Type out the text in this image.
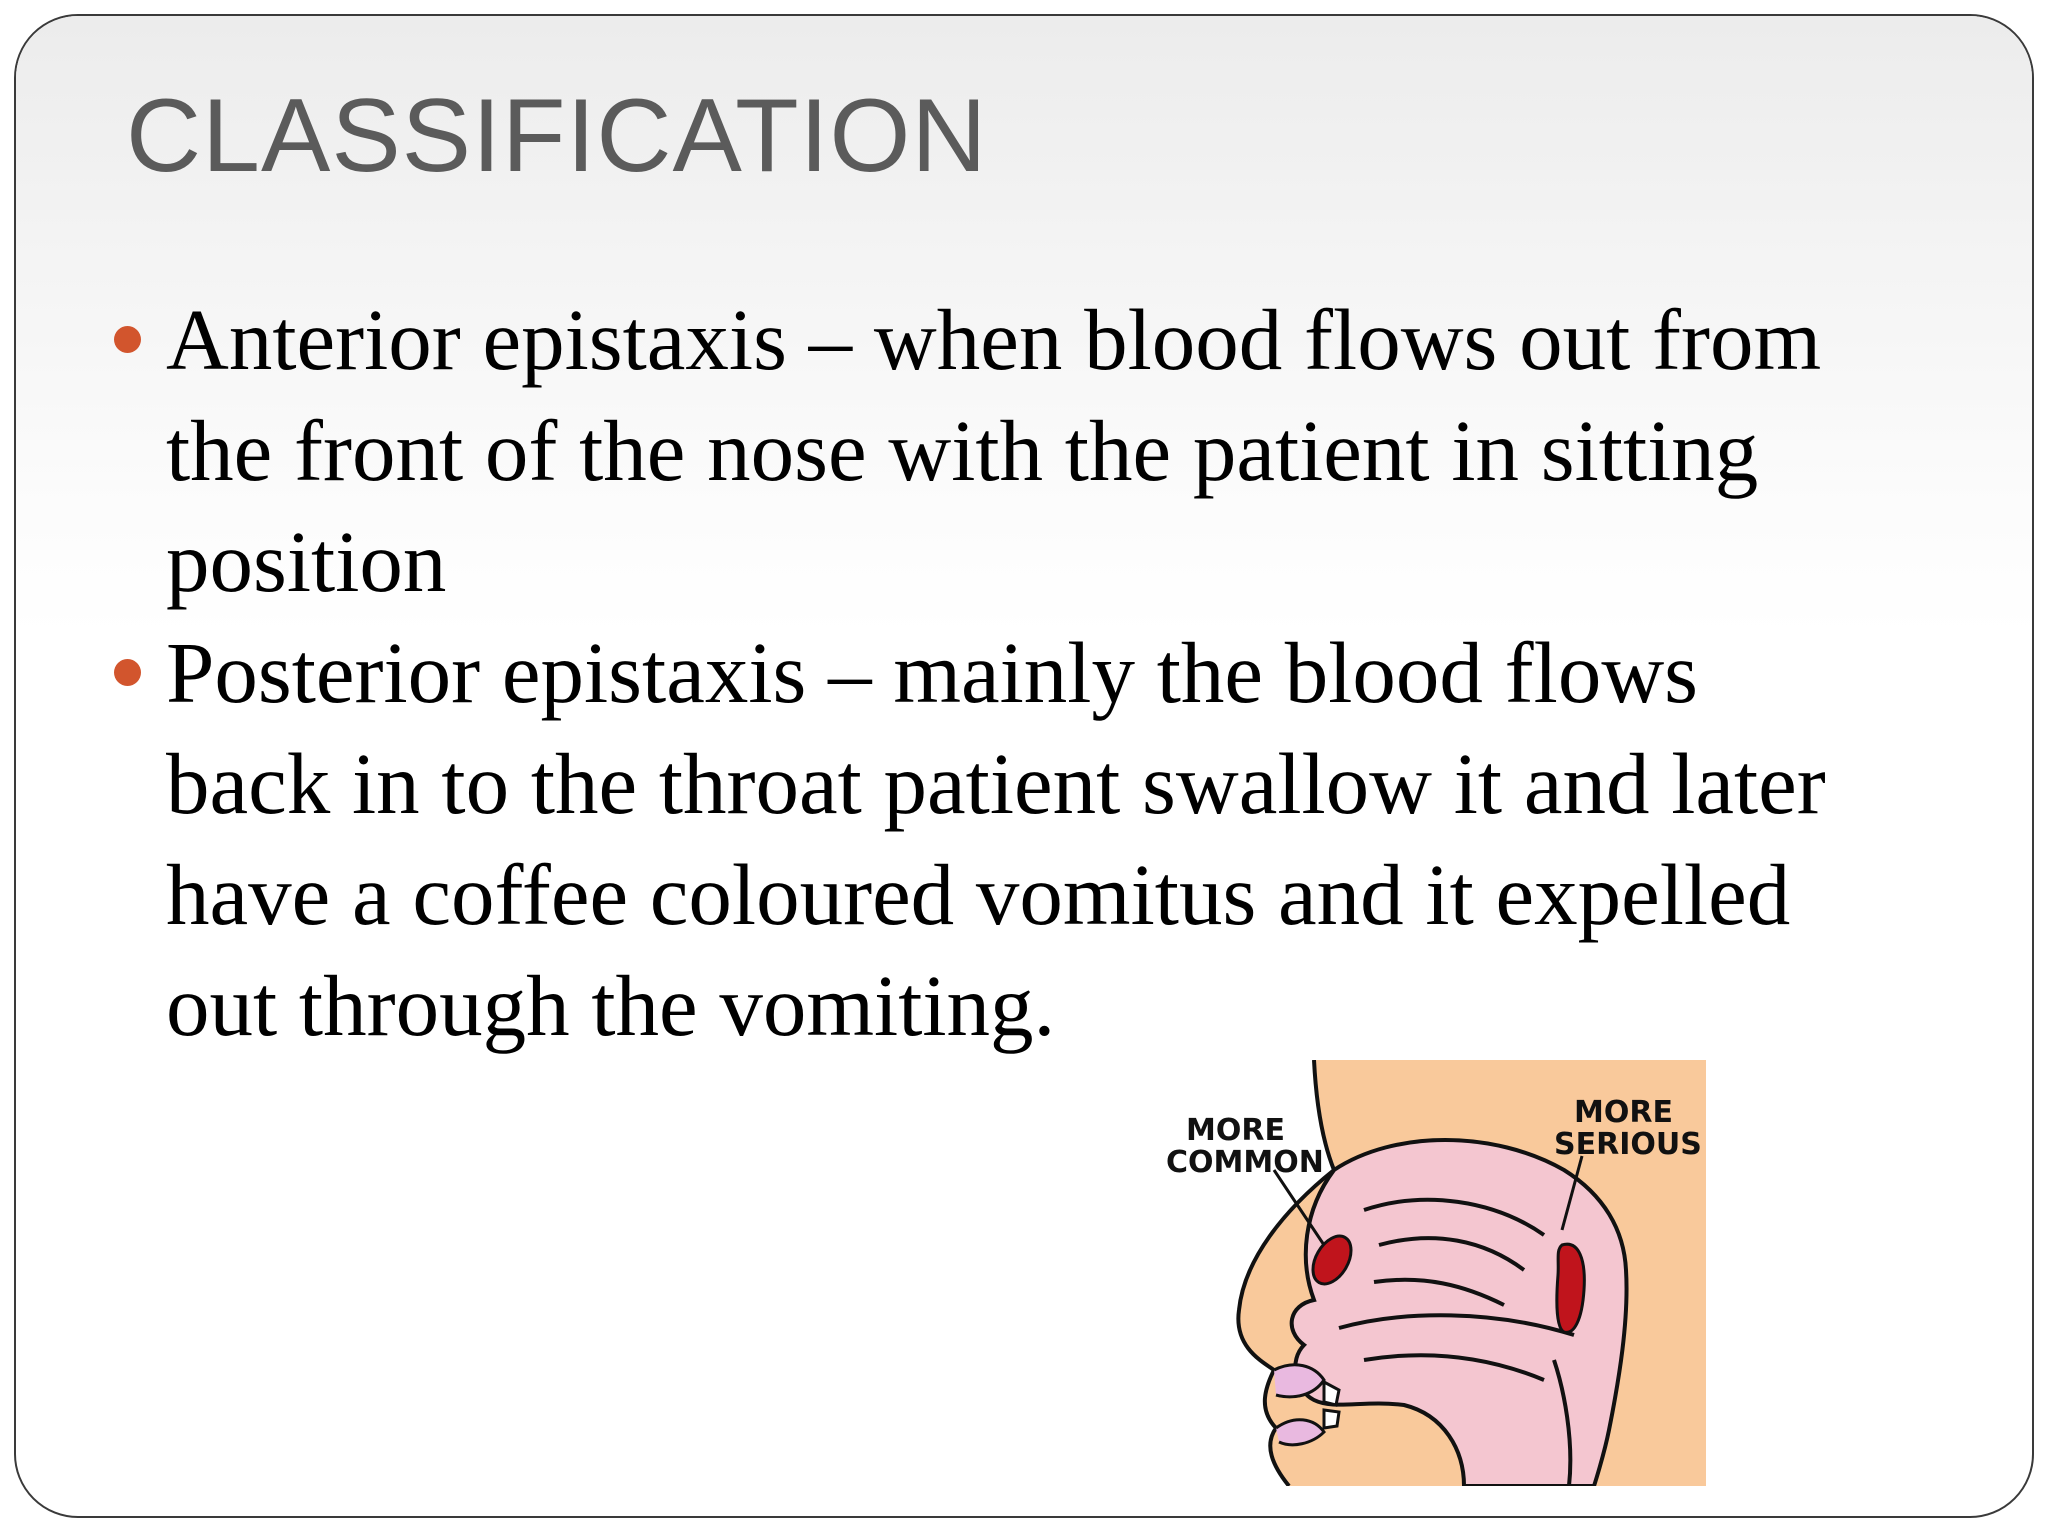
CLASSIFICATION
Anterior epistaxis – when blood flows out from the front of the nose with the patient in sitting position
Posterior epistaxis – mainly the blood flows back in to the throat patient swallow it and later have a coffee coloured vomitus and it expelled out through the vomiting.
MORE
COMMON
MORE
SERIOUS
